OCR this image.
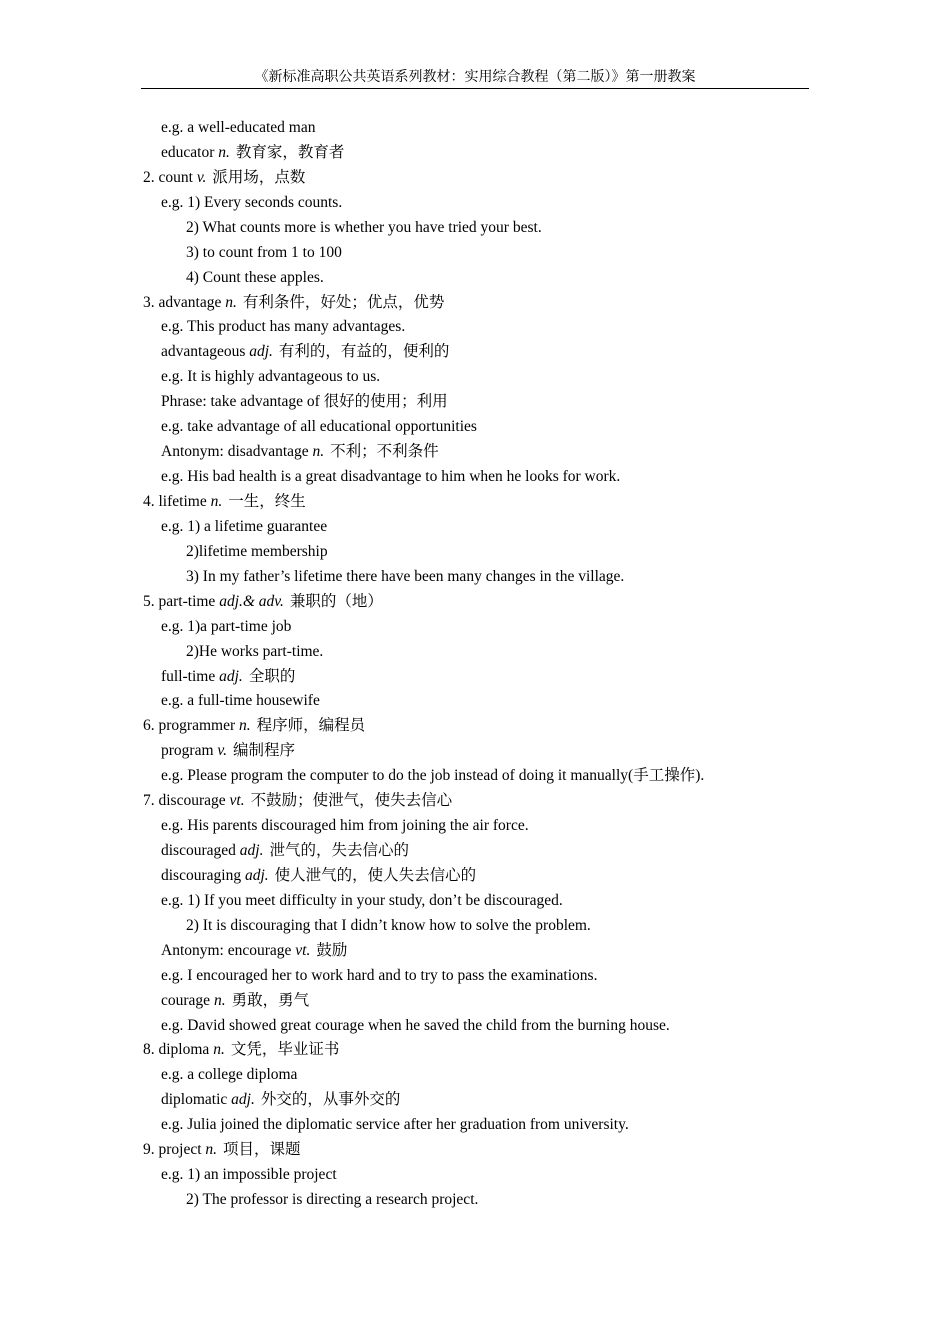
《新标准高职公共英语系列教材：实用综合教程（第二版）》第一册教案
e.g. a well-educated man
educator n. 教育家，教育者
2. count v. 派用场，点数
e.g. 1) Every seconds counts.
2) What counts more is whether you have tried your best.
3) to count from 1 to 100
4) Count these apples.
3. advantage n. 有利条件，好处；优点，优势
e.g. This product has many advantages.
advantageous adj. 有利的，有益的，便利的
e.g. It is highly advantageous to us.
Phrase: take advantage of 很好的使用；利用
e.g. take advantage of all educational opportunities
Antonym: disadvantage n. 不利；不利条件
e.g. His bad health is a great disadvantage to him when he looks for work.
4. lifetime n. 一生，终生
e.g. 1) a lifetime guarantee
2)lifetime membership
3) In my father’s lifetime there have been many changes in the village.
5. part-time adj.& adv. 兼职的（地）
e.g. 1)a part-time job
2)He works part-time.
full-time adj. 全职的
e.g. a full-time housewife
6. programmer n. 程序师，编程员
program v. 编制程序
e.g. Please program the computer to do the job instead of doing it manually(手工操作).
7. discourage vt. 不鼓励；使泄气，使失去信心
e.g. His parents discouraged him from joining the air force.
discouraged adj. 泄气的，失去信心的
discouraging adj. 使人泄气的，使人失去信心的
e.g. 1) If you meet difficulty in your study, don’t be discouraged.
2) It is discouraging that I didn’t know how to solve the problem.
Antonym: encourage vt. 鼓励
e.g. I encouraged her to work hard and to try to pass the examinations.
courage n. 勇敢，勇气
e.g. David showed great courage when he saved the child from the burning house.
8. diploma n. 文凭，毕业证书
e.g. a college diploma
diplomatic adj. 外交的，从事外交的
e.g. Julia joined the diplomatic service after her graduation from university.
9. project n. 项目，课题
e.g. 1) an impossible project
2) The professor is directing a research project.
